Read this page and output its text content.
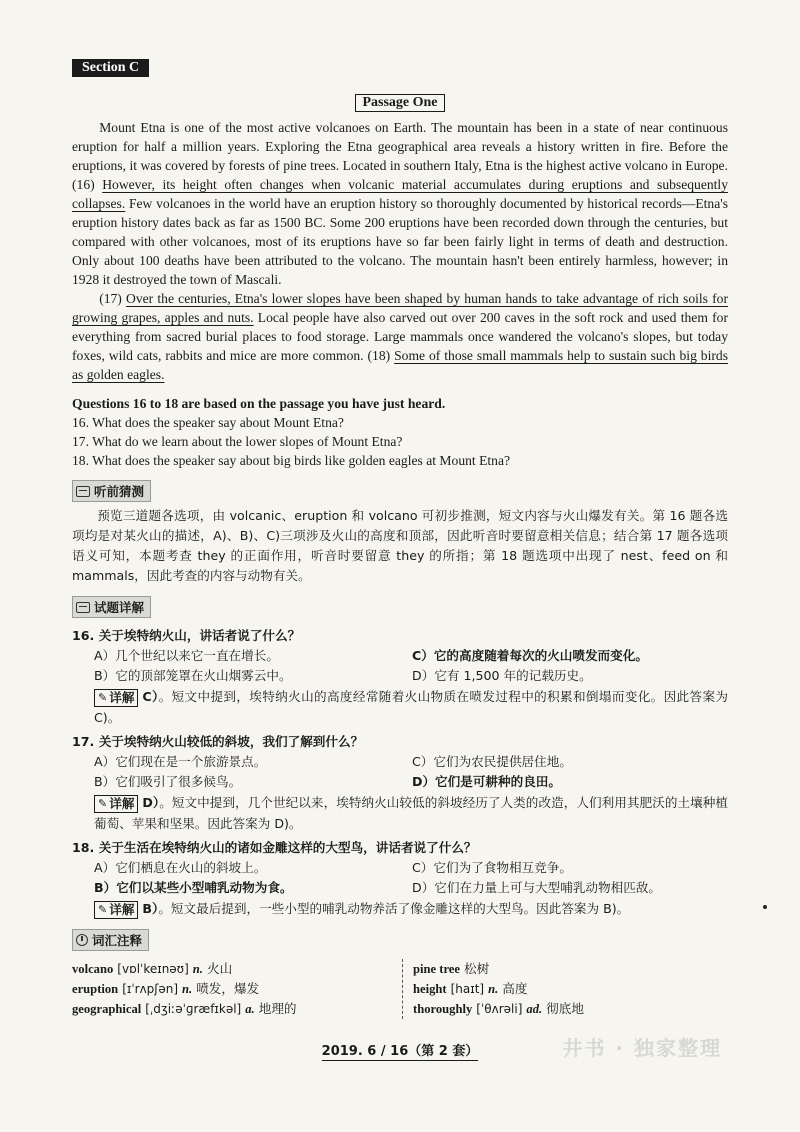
Section C
Passage One

Mount Etna is one of the most active volcanoes on Earth. The mountain has been in a state of near continuous eruption for half a million years. Exploring the Etna geographical area reveals a history written in fire. Before the eruptions, it was covered by forests of pine trees. Located in southern Italy, Etna is the highest active volcano in Europe. (16) However, its height often changes when volcanic material accumulates during eruptions and subsequently collapses. Few volcanoes in the world have an eruption history so thoroughly documented by historical records—Etna's eruption history dates back as far as 1500 BC. Some 200 eruptions have been recorded down through the centuries, but compared with other volcanoes, most of its eruptions have so far been fairly light in terms of death and destruction. Only about 100 deaths have been attributed to the volcano. The mountain hasn't been entirely harmless, however; in 1928 it destroyed the town of Mascali.

(17) Over the centuries, Etna's lower slopes have been shaped by human hands to take advantage of rich soils for growing grapes, apples and nuts. Local people have also carved out over 200 caves in the soft rock and used them for everything from sacred burial places to food storage. Large mammals once wandered the volcano's slopes, but today foxes, wild cats, rabbits and mice are more common. (18) Some of those small mammals help to sustain such big birds as golden eagles.

Questions 16 to 18 are based on the passage you have just heard.
16. What does the speaker say about Mount Etna?
17. What do we learn about the lower slopes of Mount Etna?
18. What does the speaker say about big birds like golden eagles at Mount Etna?
听前猜测

预览三道题各选项，由 volcanic、eruption 和 volcano 可初步推测，短文内容与火山爆发有关。第 16 题各选项均是对某火山的描述，A)、B)、C)三项涉及火山的高度和顶部，因此听音时要留意相关信息；结合第 17 题各选项语义可知，本题考查 they 的正面作用，听音时要留意 they 的所指；第 18 题选项中出现了 nest、feed on 和 mammals，因此考查的内容与动物有关。

试题详解
16. 关于埃特纳火山，讲话者说了什么？
A）几个世纪以来它一直在增长。	C）它的高度随着每次的火山喷发而变化。
B）它的顶部笼罩在火山烟雾云中。	D）它有 1,500 年的记载历史。
✎ 详解 C）。短文中提到，埃特纳火山的高度经常随着火山物质在喷发过程中的积累和倒塌而变化。因此答案为 C)。
17. 关于埃特纳火山较低的斜坡，我们了解到什么？
A）它们现在是一个旅游景点。	C）它们为农民提供居住地。
B）它们吸引了很多候鸟。	D）它们是可耕种的良田。
✎ 详解 D）。短文中提到，几个世纪以来，埃特纳火山较低的斜坡经历了人类的改造，人们利用其肥沃的土壤种植葡萄、苹果和坚果。因此答案为 D)。
18. 关于生活在埃特纳火山的诸如金雕这样的大型鸟，讲话者说了什么？
A）它们栖息在火山的斜坡上。	C）它们为了食物相互竞争。
B）它们以某些小型哺乳动物为食。	D）它们在力量上可与大型哺乳动物相匹敌。
✎ 详解 B）。短文最后提到，一些小型的哺乳动物养活了像金雕这样的大型鸟。因此答案为 B)。
词汇注释
volcano [vɒlˈkeɪnəʊ] n. 火山
eruption [ɪˈrʌpʃən] n. 喷发，爆发
geographical [ˌdʒiːəˈɡræfɪkəl] a. 地理的
pine tree 松树
height [haɪt] n. 高度
thoroughly [ˈθʌrəli] ad. 彻底地
2019. 6 / 16（第 2 套）	井书 · 独家整理
